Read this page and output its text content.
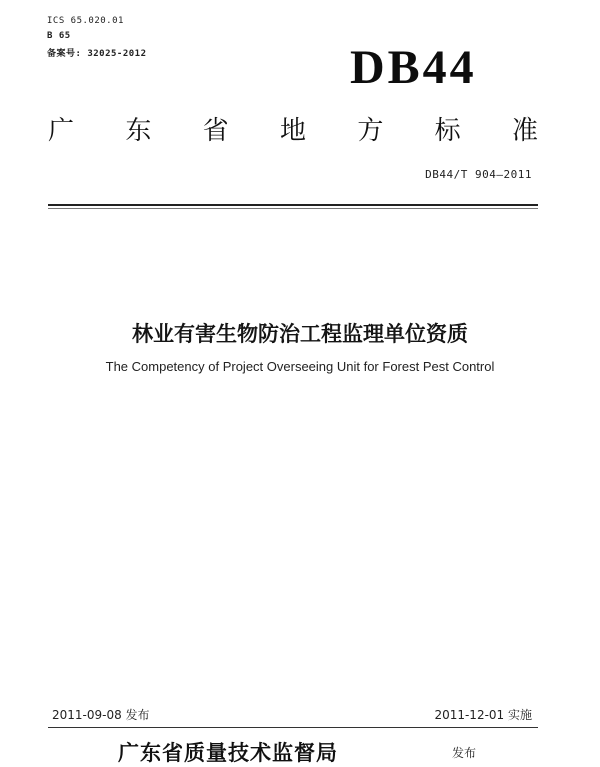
ICS 65.020.01
B 65
备案号: 32025-2012	DB44
广 东 省 地 方 标 准
DB44/T 904—2011
林业有害生物防治工程监理单位资质
The Competency of Project Overseeing Unit for Forest Pest Control
2011-09-08 发布	2011-12-01 实施
广东省质量技术监督局	发布
